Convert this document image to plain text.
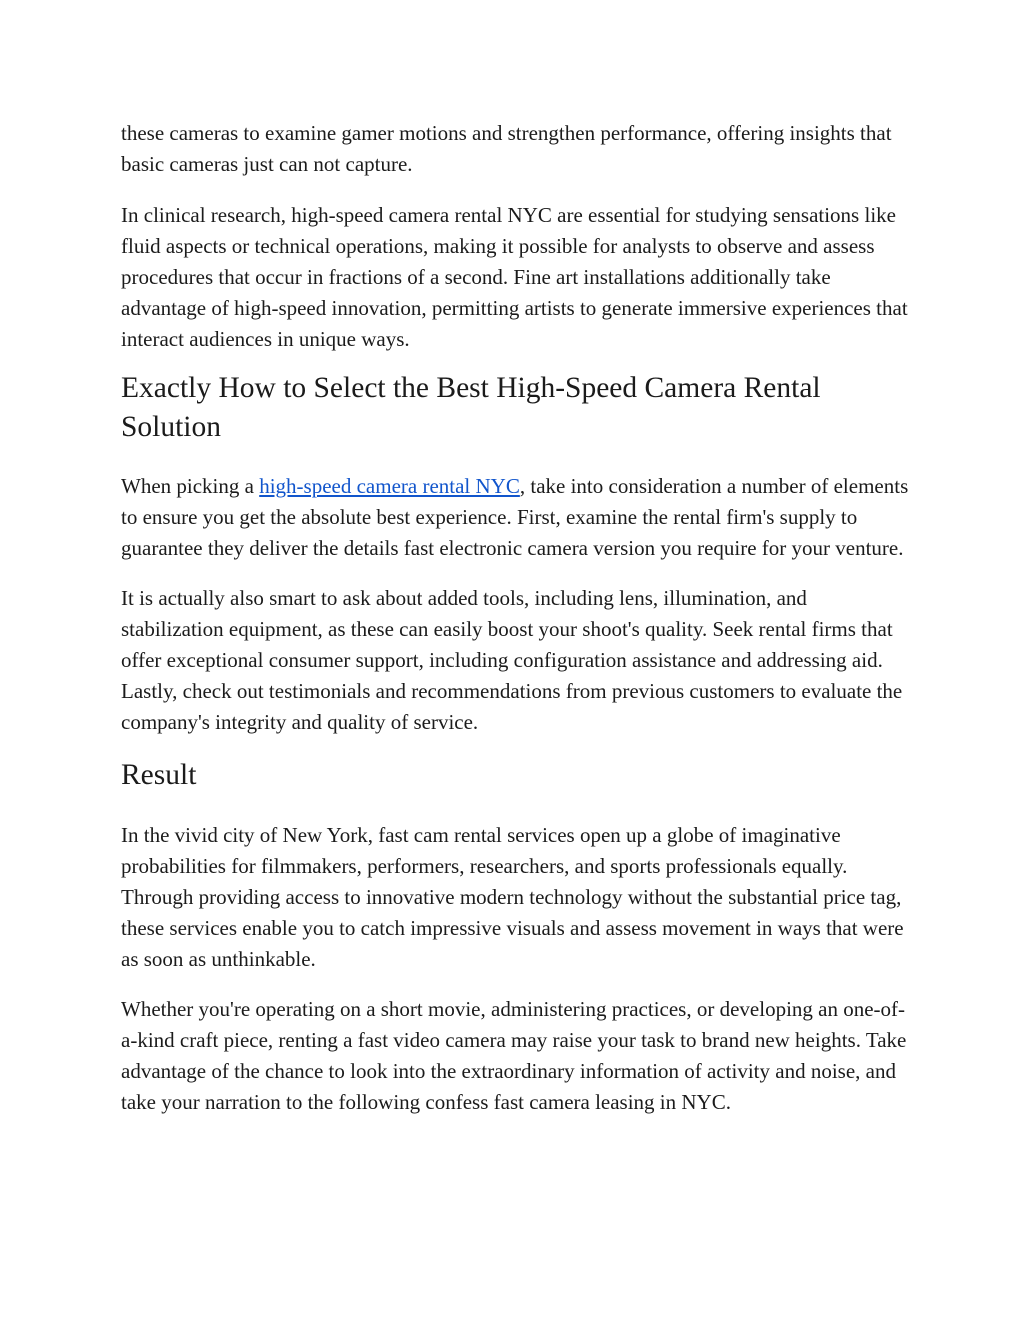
these cameras to examine gamer motions and strengthen performance, offering insights that basic cameras just can not capture.

In clinical research, high-speed camera rental NYC are essential for studying sensations like fluid aspects or technical operations, making it possible for analysts to observe and assess procedures that occur in fractions of a second. Fine art installations additionally take advantage of high-speed innovation, permitting artists to generate immersive experiences that interact audiences in unique ways.

Exactly How to Select the Best High-Speed Camera Rental Solution

When picking a high-speed camera rental NYC, take into consideration a number of elements to ensure you get the absolute best experience. First, examine the rental firm's supply to guarantee they deliver the details fast electronic camera version you require for your venture.

It is actually also smart to ask about added tools, including lens, illumination, and stabilization equipment, as these can easily boost your shoot's quality. Seek rental firms that offer exceptional consumer support, including configuration assistance and addressing aid. Lastly, check out testimonials and recommendations from previous customers to evaluate the company's integrity and quality of service.

Result

In the vivid city of New York, fast cam rental services open up a globe of imaginative probabilities for filmmakers, performers, researchers, and sports professionals equally. Through providing access to innovative modern technology without the substantial price tag, these services enable you to catch impressive visuals and assess movement in ways that were as soon as unthinkable.

Whether you're operating on a short movie, administering practices, or developing an one-of-a-kind craft piece, renting a fast video camera may raise your task to brand new heights. Take advantage of the chance to look into the extraordinary information of activity and noise, and take your narration to the following confess fast camera leasing in NYC.
